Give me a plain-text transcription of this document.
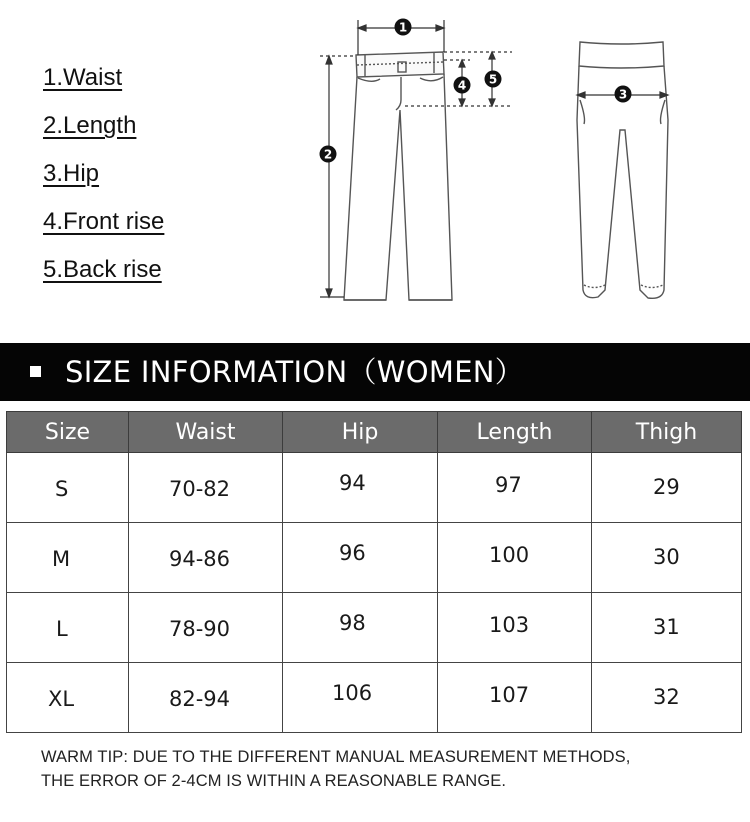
1.Waist
2.Length
3.Hip
4.Front rise
5.Back rise
1
2
3
4 5
SIZE INFORMATION（WOMEN）
Size	Waist	Hip	Length	Thigh

S	70-82	94	97	29

M	94-86	96	100	30

L	78-90	98	103	31

XL	82-94	106	107	32
WARM TIP: DUE TO THE DIFFERENT MANUAL MEASUREMENT METHODS,
THE ERROR OF 2-4CM IS WITHIN A REASONABLE RANGE.
